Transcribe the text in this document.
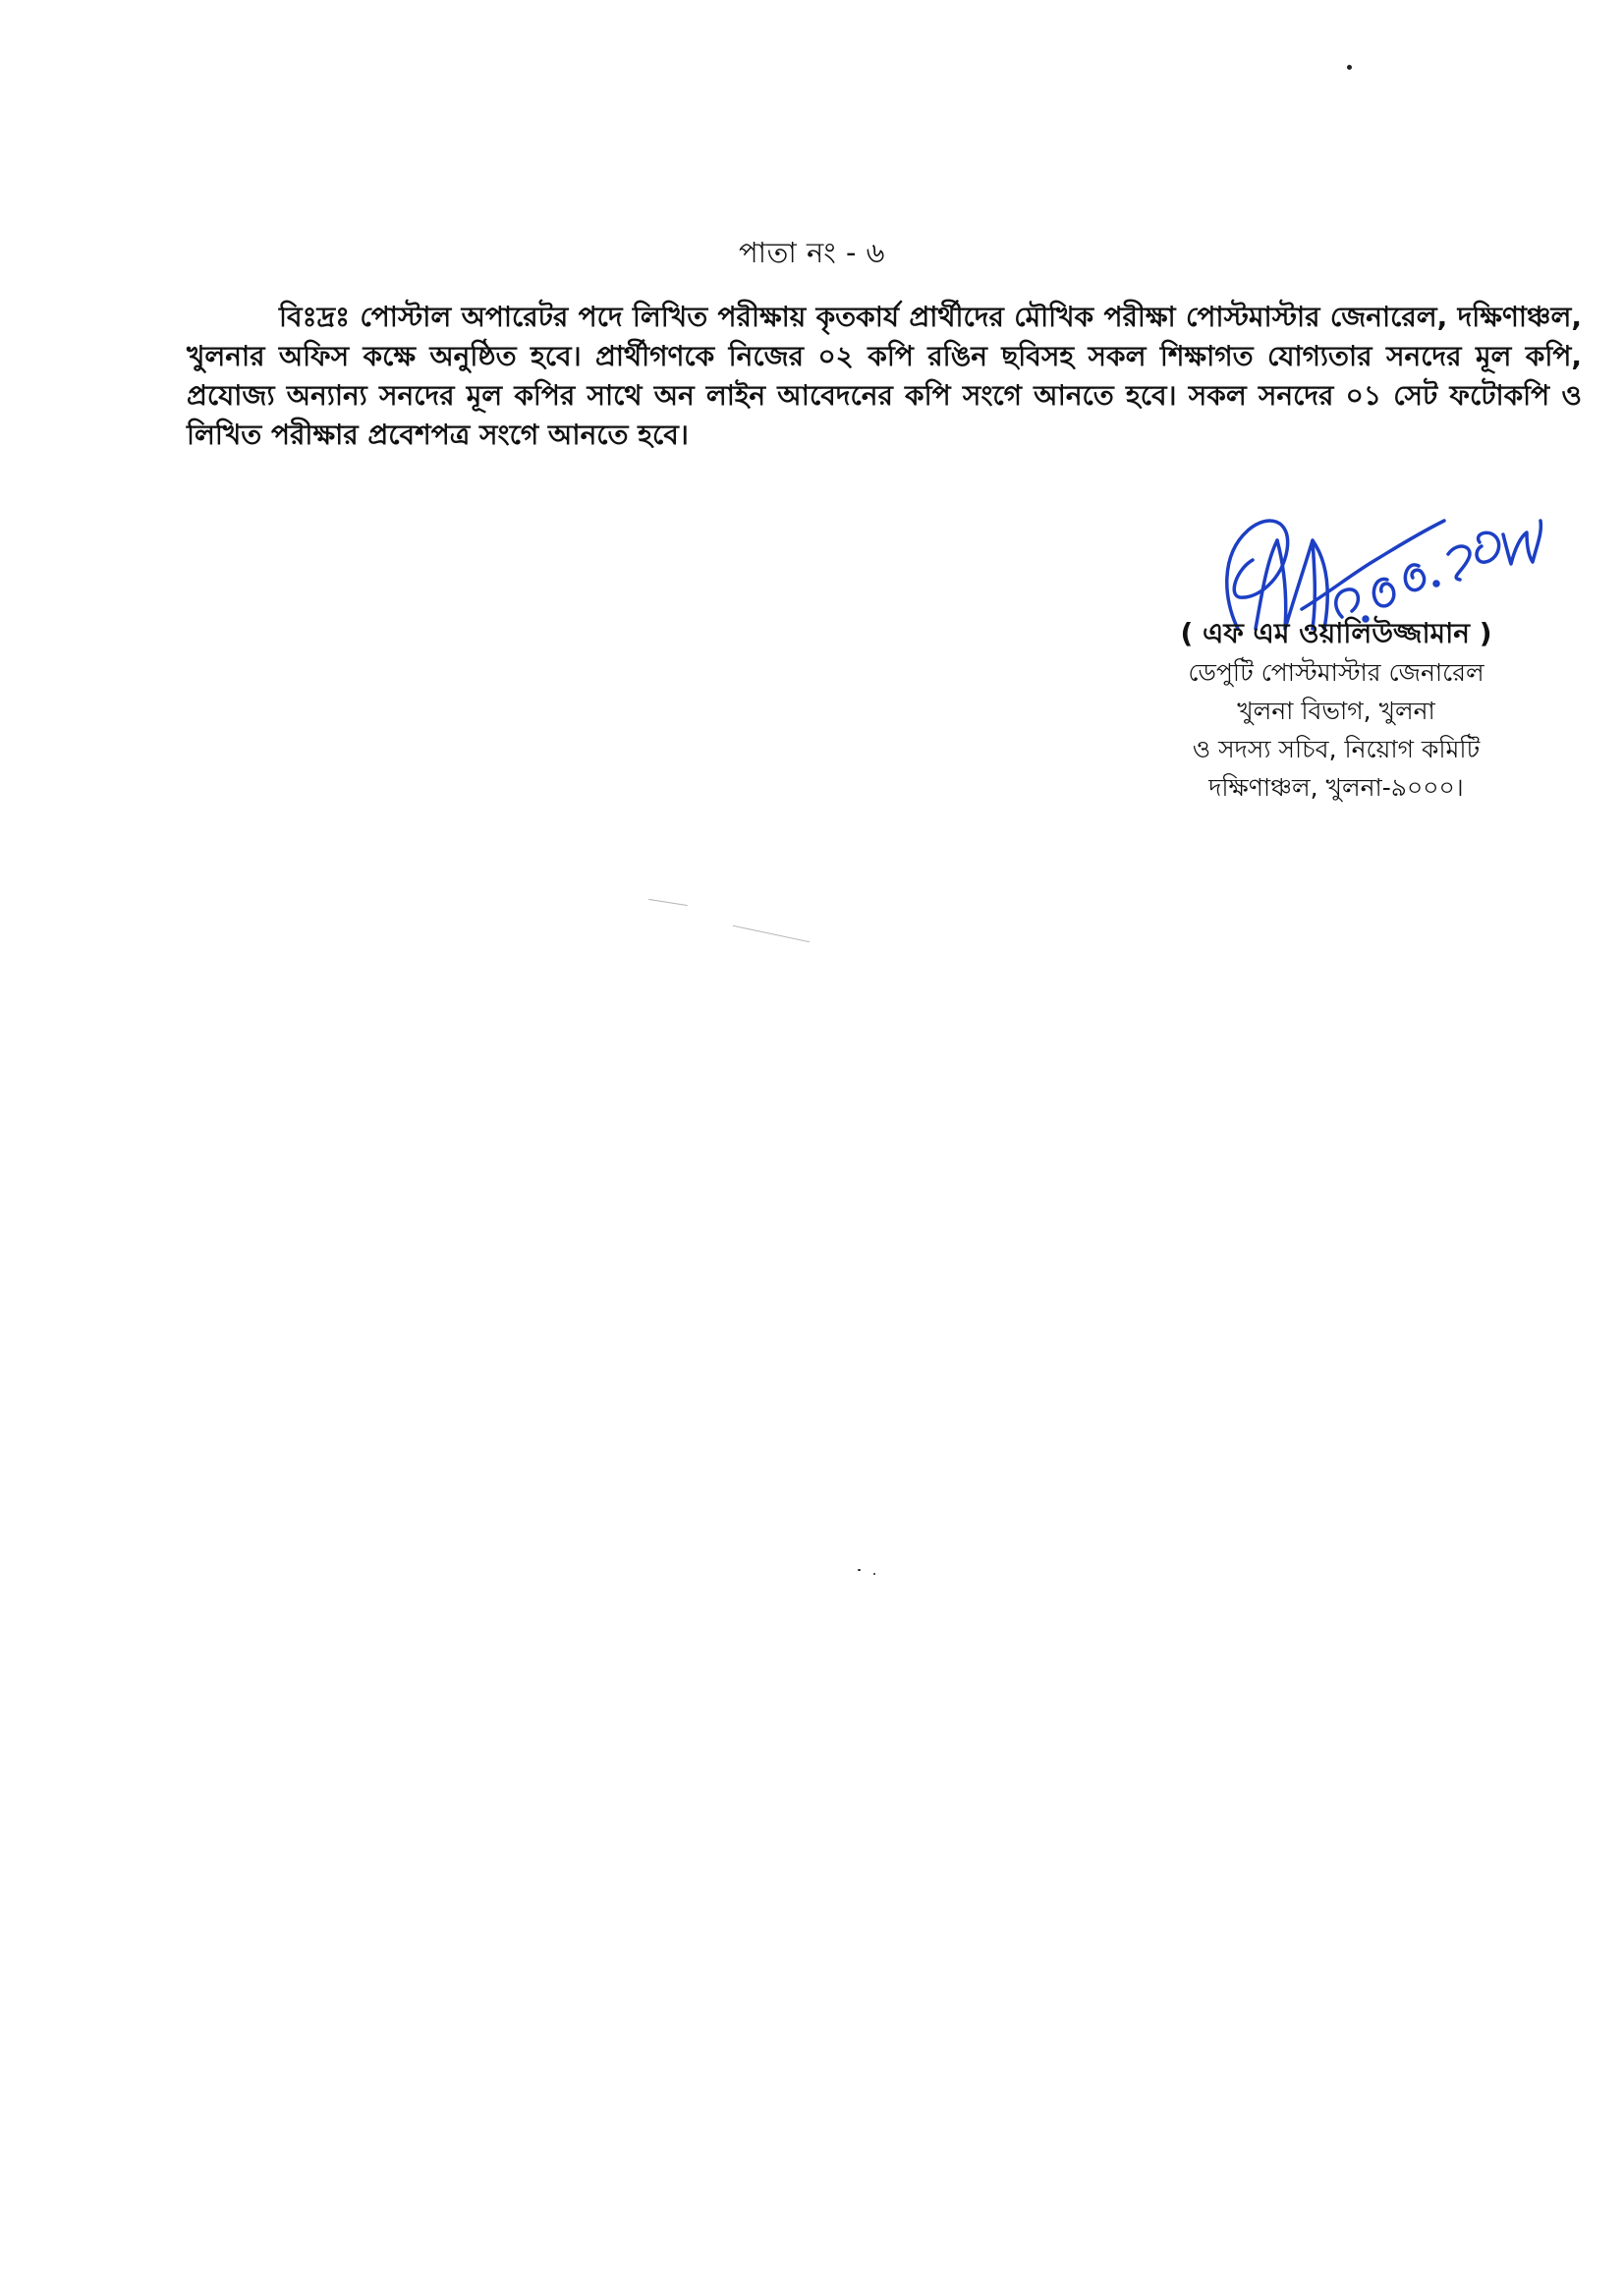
পাতা নং - ৬
বিঃদ্রঃ পোস্টাল অপারেটর পদে লিখিত পরীক্ষায় কৃতকার্য প্রার্থীদের মৌখিক পরীক্ষা পোস্টমাস্টার জেনারেল, দক্ষিণাঞ্চল, খুলনার অফিস কক্ষে অনুষ্ঠিত হবে। প্রার্থীগণকে নিজের ০২ কপি রঙিন ছবিসহ সকল শিক্ষাগত যোগ্যতার সনদের মূল কপি, প্রযোজ্য অন্যান্য সনদের মূল কপির সাথে অন লাইন আবেদনের কপি সংগে আনতে হবে। সকল সনদের ০১ সেট ফটোকপি ও লিখিত পরীক্ষার প্রবেশপত্র সংগে আনতে হবে।
( এফ এম ওয়ালিউজ্জামান )
ডেপুটি পোস্টমাস্টার জেনারেল
খুলনা বিভাগ, খুলনা
ও সদস্য সচিব, নিয়োগ কমিটি
দক্ষিণাঞ্চল, খুলনা-৯০০০।
